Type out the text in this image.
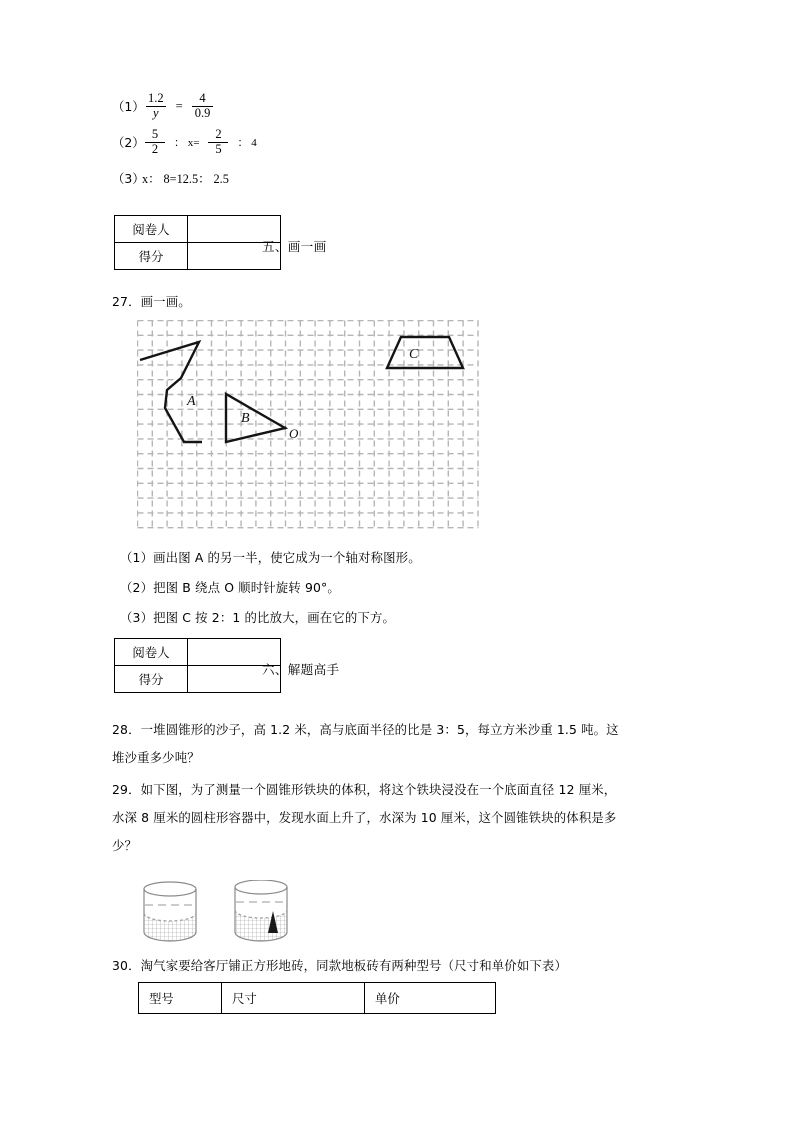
$(1) \frac{1.2}{y} = \frac{4}{0.9}$
$(2) \frac{5}{2}$ ： $x= \frac{2}{5}$ ： 4
（3）
x： 8=12.5： 2.5
阅卷人	
得分	
五、画一画
27．画一画。
A
B
O
C
（1）画出图 A 的另一半，使它成为一个轴对称图形。
（2）把图 B 绕点 O 顺时针旋转 90°。
（3）把图 C 按 2：1 的比放大，画在它的下方。
阅卷人	
得分	
六、解题高手
28．一堆圆锥形的沙子，高 1.2 米，高与底面半径的比是 3：5，每立方米沙重 1.5 吨。这
堆沙重多少吨？
29．如下图，为了测量一个圆锥形铁块的体积，将这个铁块浸没在一个底面直径 12 厘米，
水深 8 厘米的圆柱形容器中，发现水面上升了，水深为 10 厘米，这个圆锥铁块的体积是多
少？
30．淘气家要给客厅铺正方形地砖，同款地板砖有两种型号（尺寸和单价如下表）
型号	尺寸	单价
